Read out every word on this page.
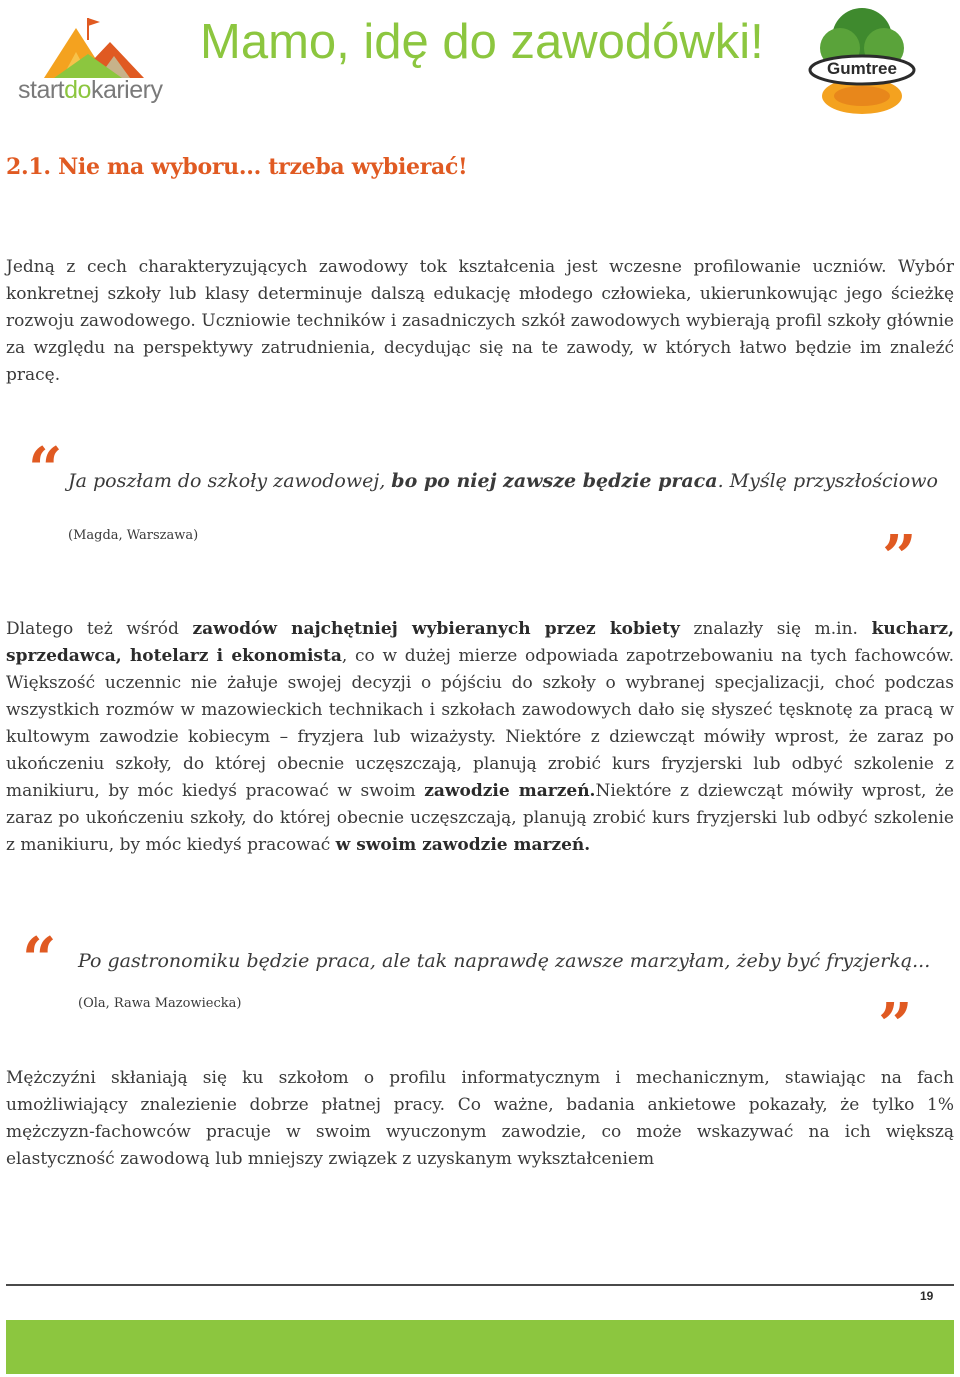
startdokariery
Mamo, idę do zawodówki!	Gumtree
2.1. Nie ma wyboru... trzeba wybierać!
Jedną z cech charakteryzujących zawodowy tok kształcenia jest wczesne profilowanie uczniów. Wybór konkretnej szkoły lub klasy determinuje dalszą edukację młodego człowieka, ukierunkowując jego ścieżkę rozwoju zawodowego. Uczniowie techników i zasadniczych szkół zawodowych wybierają profil szkoły głównie za względu na perspektywy zatrudnienia, decydując się na te zawody, w których łatwo będzie im znaleźć pracę.
“ Ja poszłam do szkoły zawodowej, bo po niej zawsze będzie praca. Myślę przyszłościowo
(Magda, Warszawa)	”
Dlatego też wśród zawodów najchętniej wybieranych przez kobiety znalazły się m.in. kucharz, sprzedawca, hotelarz i ekonomista, co w dużej mierze odpowiada zapotrzebowaniu na tych fachowców. Większość uczennic nie żałuje swojej decyzji o pójściu do szkoły o wybranej specjalizacji, choć podczas wszystkich rozmów w mazowieckich technikach i szkołach zawodowych dało się słyszeć tęsknotę za pracą w kultowym zawodzie kobiecym – fryzjera lub wizażysty. Niektóre z dziewcząt mówiły wprost, że zaraz po ukończeniu szkoły, do której obecnie uczęszczają, planują zrobić kurs fryzjerski lub odbyć szkolenie z manikiuru, by móc kiedyś pracować w swoim zawodzie marzeń.Niektóre z dziewcząt mówiły wprost, że zaraz po ukończeniu szkoły, do której obecnie uczęszczają, planują zrobić kurs fryzjerski lub odbyć szkolenie z manikiuru, by móc kiedyś pracować w swoim zawodzie marzeń.
“ Po gastronomiku będzie praca, ale tak naprawdę zawsze marzyłam, żeby być fryzjerką...
(Ola, Rawa Mazowiecka)	”
Mężczyźni skłaniają się ku szkołom o profilu informatycznym i mechanicznym, stawiając na fach umożliwiający znalezienie dobrze płatnej pracy. Co ważne, badania ankietowe pokazały, że tylko 1% mężczyzn-fachowców pracuje w swoim wyuczonym zawodzie, co może wskazywać na ich większą elastyczność zawodową lub mniejszy związek z uzyskanym wykształceniem
19
